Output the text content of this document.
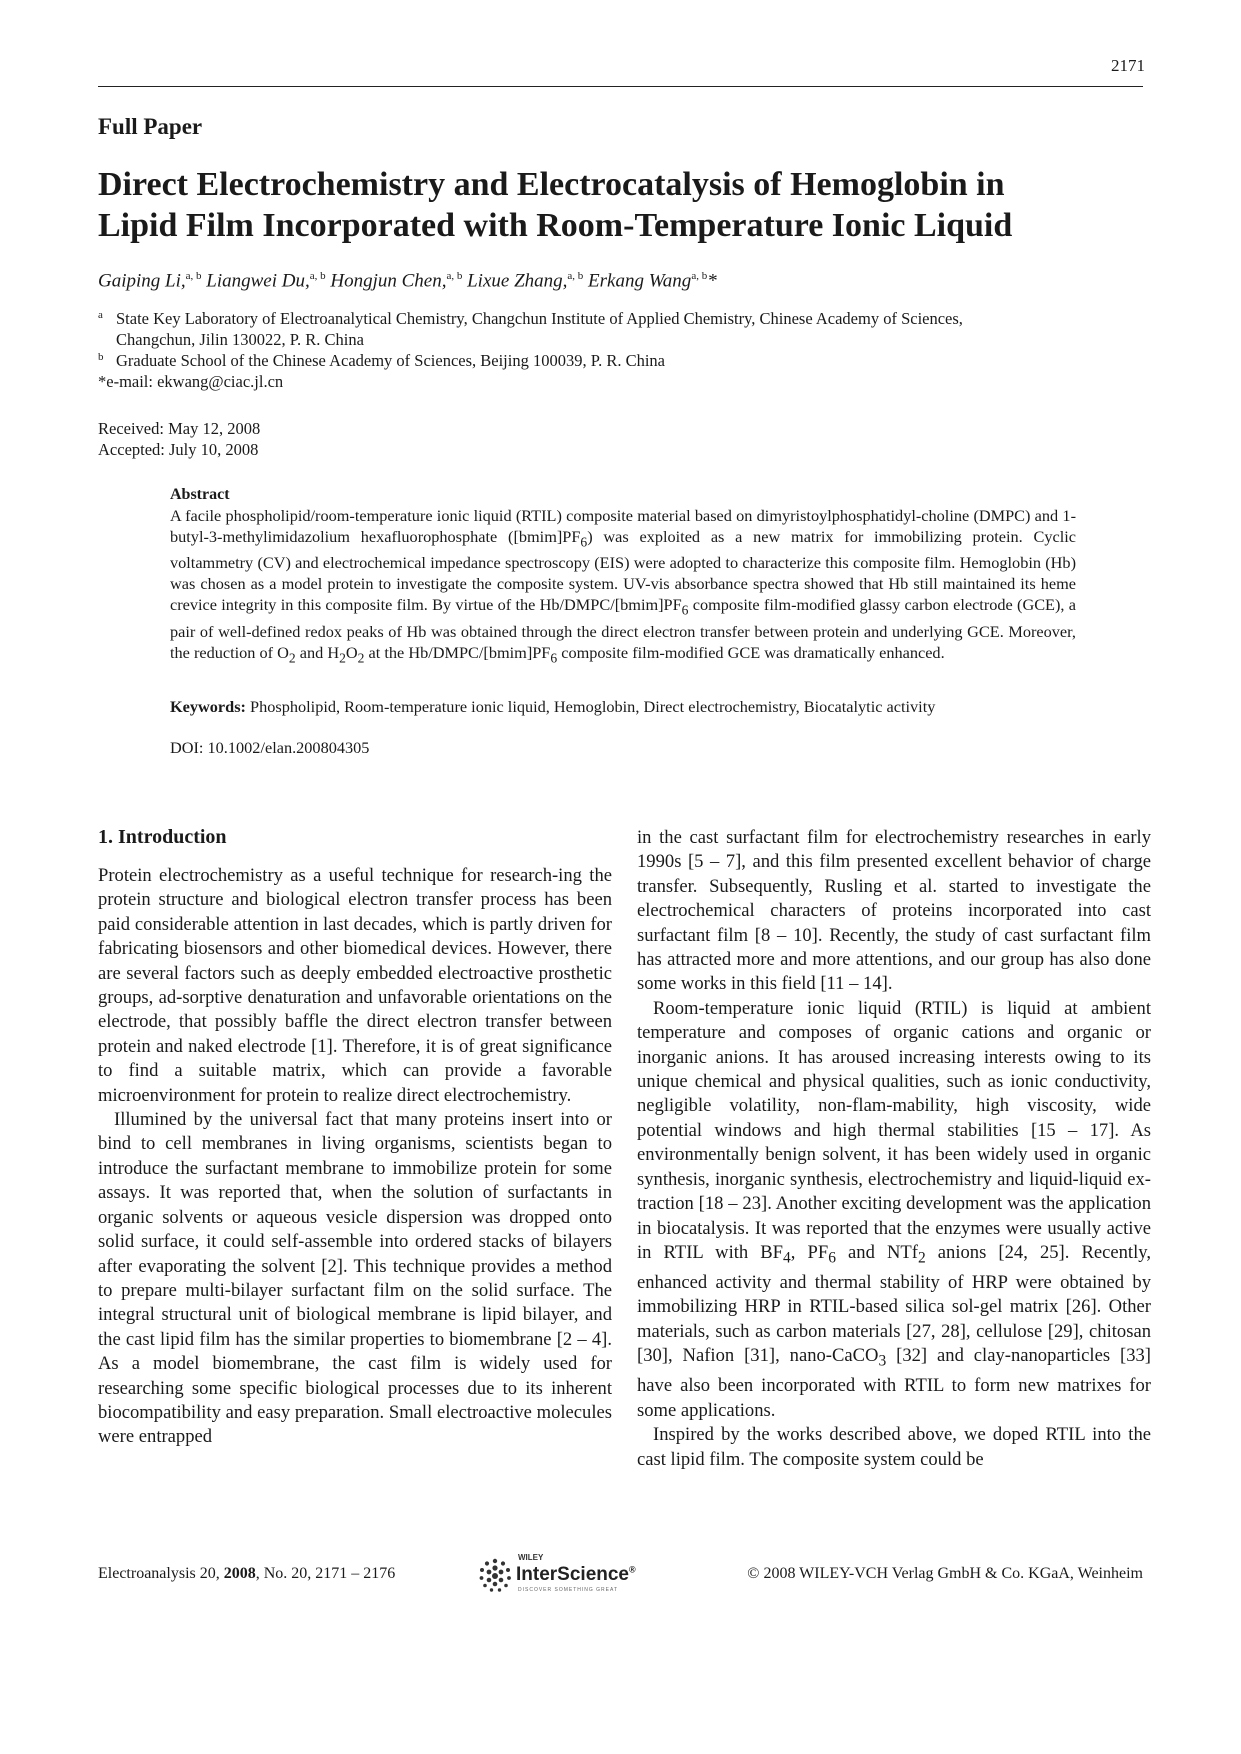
2171
Full Paper
Direct Electrochemistry and Electrocatalysis of Hemoglobin in
Lipid Film Incorporated with Room-Temperature Ionic Liquid
Gaiping Li,$^{a, b}$ Liangwei Du,$^{a, b}$ Hongjun Chen,$^{a, b}$ Lixue Zhang,$^{a, b}$ Erkang Wang$^{a, b}$*
a State Key Laboratory of Electroanalytical Chemistry, Changchun Institute of Applied Chemistry, Chinese Academy of Sciences,
Changchun, Jilin 130022, P. R. China
b Graduate School of the Chinese Academy of Sciences, Beijing 100039, P. R. China
*e-mail: ekwang@ciac.jl.cn
Received: May 12, 2008
Accepted: July 10, 2008
Abstract
A facile phospholipid/room-temperature ionic liquid (RTIL) composite material based on dimyristoylphosphatidyl-choline (DMPC) and 1-butyl-3-methylimidazolium hexafluorophosphate $([bmim]PF_6)$ was exploited as a new matrix for immobilizing protein. Cyclic voltammetry (CV) and electrochemical impedance spectroscopy (EIS) were adopted to characterize this composite film. Hemoglobin (Hb) was chosen as a model protein to investigate the composite system. UV-vis absorbance spectra showed that Hb still maintained its heme crevice integrity in this composite film. By virtue of the $Hb/DMPC/[bmim]PF_6$ composite film-modified glassy carbon electrode (GCE), a pair of well-defined redox peaks of Hb was obtained through the direct electron transfer between protein and underlying GCE. Moreover, the reduction of $O_2$ and $H_2O_2$ at the $Hb/DMPC/[bmim]PF_6$ composite film-modified GCE was dramatically enhanced.
Keywords: Phospholipid, Room-temperature ionic liquid, Hemoglobin, Direct electrochemistry, Biocatalytic activity
DOI: 10.1002/elan.200804305
1. Introduction

Protein electrochemistry as a useful technique for research-ing the protein structure and biological electron transfer process has been paid considerable attention in last decades, which is partly driven for fabricating biosensors and other biomedical devices. However, there are several factors such as deeply embedded electroactive prosthetic groups, ad-sorptive denaturation and unfavorable orientations on the electrode, that possibly baffle the direct electron transfer between protein and naked electrode [1]. Therefore, it is of great significance to find a suitable matrix, which can provide a favorable microenvironment for protein to realize direct electrochemistry.

Illumined by the universal fact that many proteins insert into or bind to cell membranes in living organisms, scientists began to introduce the surfactant membrane to immobilize protein for some assays. It was reported that, when the solution of surfactants in organic solvents or aqueous vesicle dispersion was dropped onto solid surface, it could self-assemble into ordered stacks of bilayers after evaporating the solvent [2]. This technique provides a method to prepare multi-bilayer surfactant film on the solid surface. The integral structural unit of biological membrane is lipid bilayer, and the cast lipid film has the similar properties to biomembrane [2 – 4]. As a model biomembrane, the cast film is widely used for researching some specific biological processes due to its inherent biocompatibility and easy preparation. Small electroactive molecules were entrapped

in the cast surfactant film for electrochemistry researches in early 1990s [5 – 7], and this film presented excellent behavior of charge transfer. Subsequently, Rusling et al. started to investigate the electrochemical characters of proteins incorporated into cast surfactant film [8 – 10]. Recently, the study of cast surfactant film has attracted more and more attentions, and our group has also done some works in this field [11 – 14].

Room-temperature ionic liquid (RTIL) is liquid at ambient temperature and composes of organic cations and organic or inorganic anions. It has aroused increasing interests owing to its unique chemical and physical qualities, such as ionic conductivity, negligible volatility, non-flam-mability, high viscosity, wide potential windows and high thermal stabilities [15 – 17]. As environmentally benign solvent, it has been widely used in organic synthesis, inorganic synthesis, electrochemistry and liquid-liquid ex-traction [18 – 23]. Another exciting development was the application in biocatalysis. It was reported that the enzymes were usually active in RTIL with $BF_4$, $PF_6$ and NTf$_2$ anions [24, 25]. Recently, enhanced activity and thermal stability of HRP were obtained by immobilizing HRP in RTIL-based silica sol-gel matrix [26]. Other materials, such as carbon materials [27, 28], cellulose [29], chitosan [30], Nafion [31], nano-CaCO$_3$ [32] and clay-nanoparticles [33] have also been incorporated with RTIL to form new matrixes for some applications.

Inspired by the works described above, we doped RTIL into the cast lipid film. The composite system could be

Electroanalysis 20, 2008, No. 20, 2171 – 2176
WILEY
InterScience®
DISCOVER SOMETHING GREAT
© 2008 WILEY-VCH Verlag GmbH & Co. KGaA, Weinheim
